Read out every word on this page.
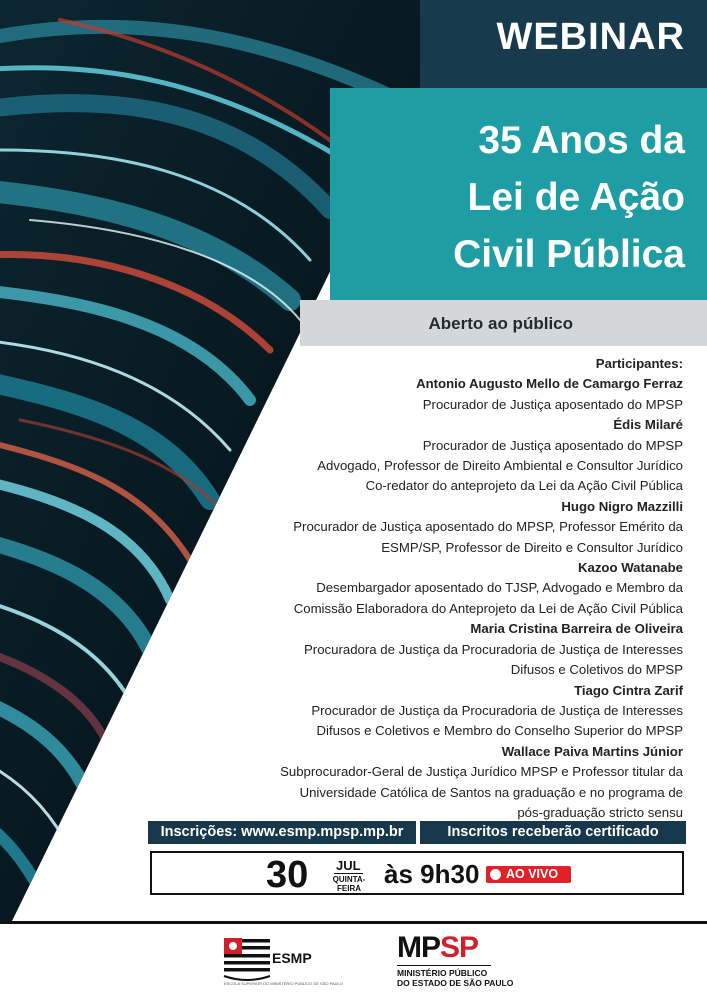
WEBINAR
35 Anos da
Lei de Ação
Civil Pública
Aberto ao público
Participantes:
Antonio Augusto Mello de Camargo Ferraz
Procurador de Justiça aposentado do MPSP
Édis Milaré
Procurador de Justiça aposentado do MPSP
Advogado, Professor de Direito Ambiental e Consultor Jurídico
Co-redator do anteprojeto da Lei da Ação Civil Pública
Hugo Nigro Mazzilli
Procurador de Justiça aposentado do MPSP, Professor Emérito da
ESMP/SP, Professor de Direito e Consultor Jurídico
Kazoo Watanabe
Desembargador aposentado do TJSP, Advogado e Membro da
Comissão Elaboradora do Anteprojeto da Lei de Ação Civil Pública
Maria Cristina Barreira de Oliveira
Procuradora de Justiça da Procuradoria de Justiça de Interesses
Difusos e Coletivos do MPSP
Tiago Cintra Zarif
Procurador de Justiça da Procuradoria de Justiça de Interesses
Difusos e Coletivos e Membro do Conselho Superior do MPSP
Wallace Paiva Martins Júnior
Subprocurador-Geral de Justiça Jurídico MPSP e Professor titular da
Universidade Católica de Santos na graduação e no programa de
pós-graduação stricto sensu
Inscrições: www.esmp.mpsp.mp.br	Inscritos receberão certificado
30 JUL
QUINTA-
FEIRA às 9h30 AO VIVO
ESMP
ESCOLA SUPERIOR DO MINISTÉRIO PÚBLICO DE SÃO PAULO
MPSP
MINISTÉRIO PÚBLICO
DO ESTADO DE SÃO PAULO
